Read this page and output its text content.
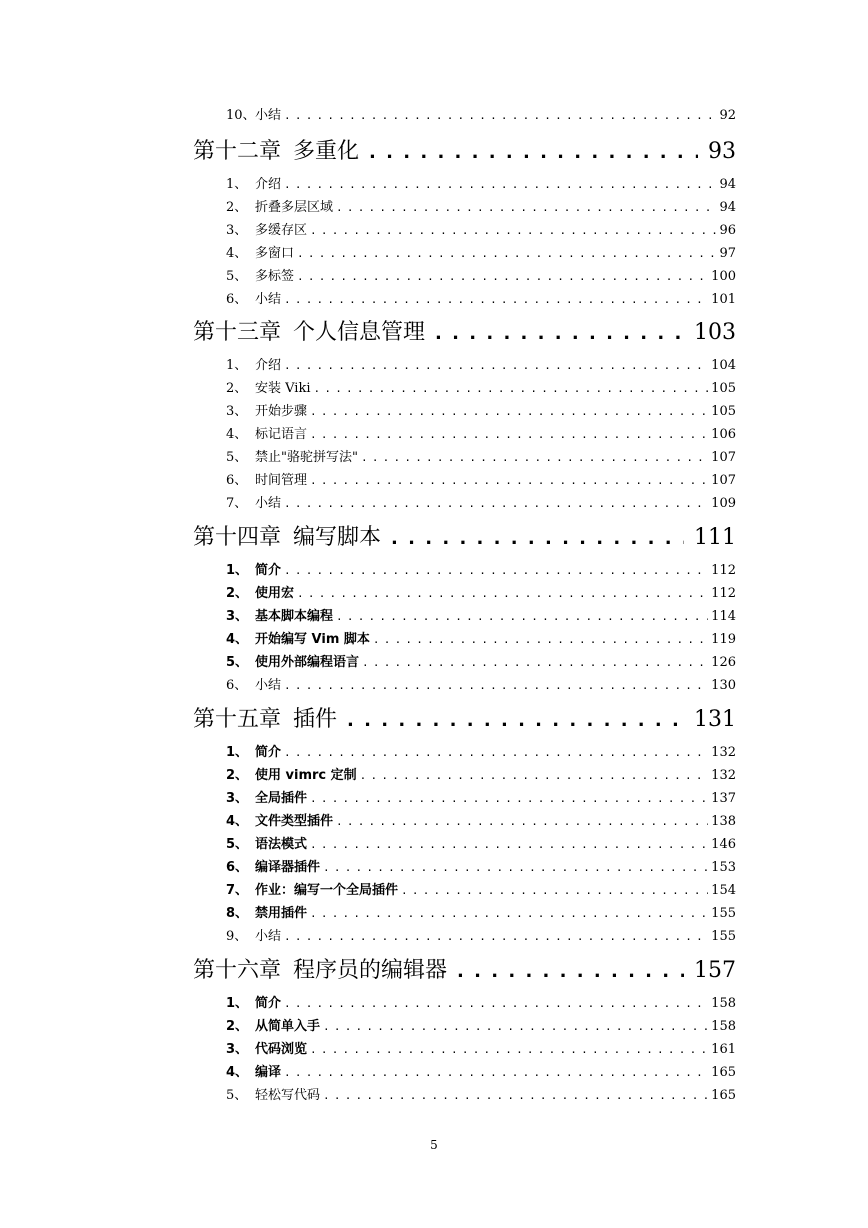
10、 小结 . . .	92
第十二章 多重化 . . .	93
1、 介绍 . . .	94
2、 折叠多层区域 . . .	94
3、 多缓存区 . . .	96
4、 多窗口 . . .	97
5、 多标签 . . .	100
6、 小结 . . .	101
第十三章 个人信息管理 . . .	103
1、 介绍 . . .	104
2、 安装 Viki . . .	105
3、 开始步骤 . . .	105
4、 标记语言 . . .	106
5、 禁止"骆驼拼写法" . . .	107
6、 时间管理 . . .	107
7、 小结 . . .	109
第十四章 编写脚本 . . .	111
1、 简介 . . .	112
2、 使用宏 . . .	112
3、 基本脚本编程 . . .	114
4、 开始编写 Vim 脚本 . . .	119
5、 使用外部编程语言 . . .	126
6、 小结 . . .	130
第十五章 插件 . . .	131
1、 简介 . . .	132
2、 使用 vimrc 定制 . . .	132
3、 全局插件 . . .	137
4、 文件类型插件 . . .	138
5、 语法模式 . . .	146
6、 编译器插件 . . .	153
7、 作业：编写一个全局插件 . . .	154
8、 禁用插件 . . .	155
9、 小结 . . .	155
第十六章 程序员的编辑器 . . .	157
1、 简介 . . .	158
2、 从简单入手 . . .	158
3、 代码浏览 . . .	161
4、 编译 . . .	165
5、 轻松写代码 . . .	165
5
